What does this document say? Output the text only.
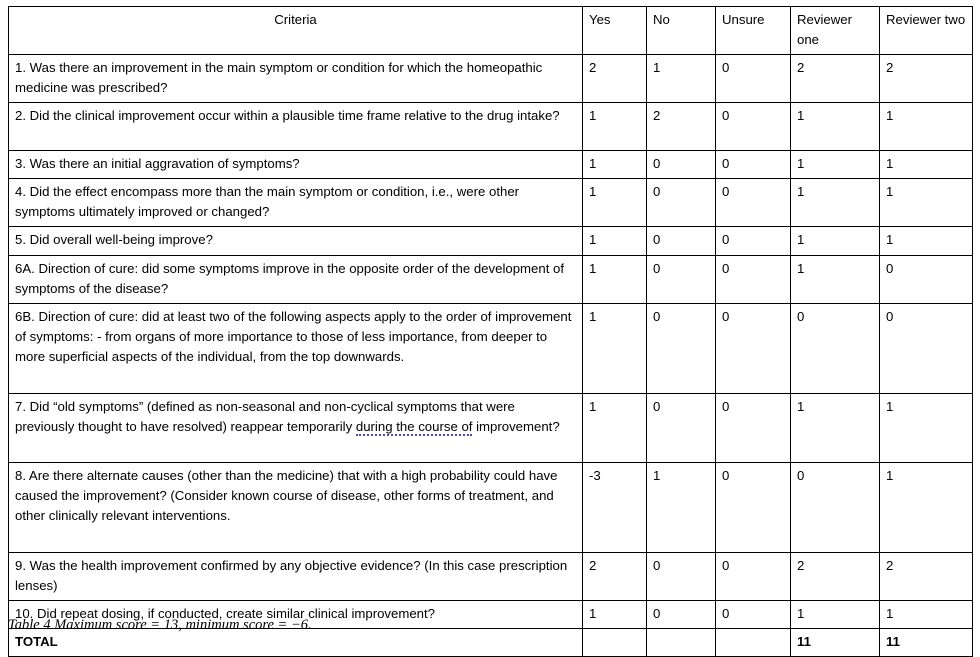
Criteria	Yes	No	Unsure	Reviewer one	Reviewer two
1. Was there an improvement in the main symptom or condition for which the homeopathic medicine was prescribed?	2	1	0	2	2
2. Did the clinical improvement occur within a plausible time frame relative to the drug intake?	1	2	0	1	1
3. Was there an initial aggravation of symptoms?	1	0	0	1	1
4. Did the effect encompass more than the main symptom or condition, i.e., were other symptoms ultimately improved or changed?	1	0	0	1	1
5. Did overall well-being improve?	1	0	0	1	1
6A. Direction of cure: did some symptoms improve in the opposite order of the development of symptoms of the disease?	1	0	0	1	0
6B. Direction of cure: did at least two of the following aspects apply to the order of improvement of symptoms: - from organs of more importance to those of less importance, from deeper to more superficial aspects of the individual, from the top downwards.	1	0	0	0	0
7. Did “old symptoms” (defined as non-seasonal and non-cyclical symptoms that were previously thought to have resolved) reappear temporarily during the course of improvement?	1	0	0	1	1
8. Are there alternate causes (other than the medicine) that with a high probability could have caused the improvement? (Consider known course of disease, other forms of treatment, and other clinically relevant interventions.	-3	1	0	0	1
9. Was the health improvement confirmed by any objective evidence? (In this case prescription lenses)	2	0	0	2	2
10. Did repeat dosing, if conducted, create similar clinical improvement?	1	0	0	1	1
TOTAL				11	11
Table 4 Maximum score = 13, minimum score = −6.
